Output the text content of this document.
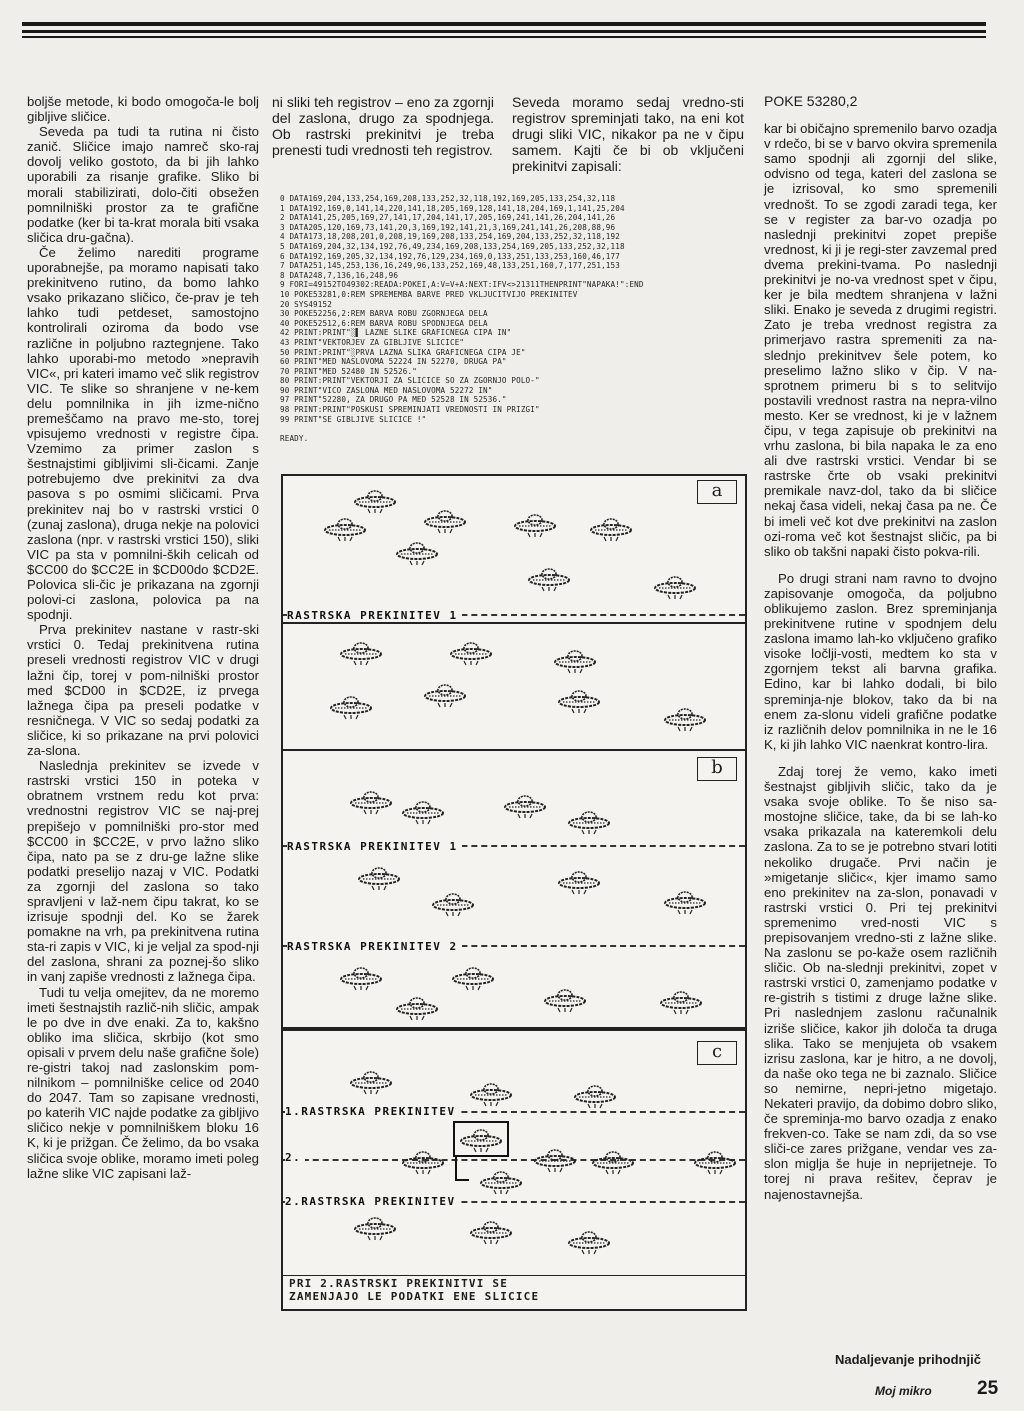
boljše metode, ki bodo omogoča-le bolj gibljive sličice.

Seveda pa tudi ta rutina ni čisto zanič. Sličice imajo namreč sko-raj dovolj veliko gostoto, da bi jih lahko uporabili za risanje grafike. Sliko bi morali stabilizirati, dolo-čiti obsežen pomnilniški prostor za te grafične podatke (ker bi ta-krat morala biti vsaka sličica dru-gačna).

Če želimo narediti programe uporabnejše, pa moramo napisati tako prekinitveno rutino, da bomo lahko vsako prikazano sličico, če-prav je teh lahko tudi petdeset, samostojno kontrolirali oziroma da bodo vse različne in poljubno raztegnjene. Tako lahko uporabi-mo metodo »nepravih VIC«, pri kateri imamo več slik registrov VIC. Te slike so shranjene v ne-kem delu pomnilnika in jih izme-nično premeščamo na pravo me-sto, torej vpisujemo vrednosti v registre čipa. Vzemimo za primer zaslon s šestnajstimi gibljivimi sli-čicami. Zanje potrebujemo dve prekinitvi za dva pasova s po osmimi sličicami. Prva prekinitev naj bo v rastrski vrstici 0 (zunaj zaslona), druga nekje na polovici zaslona (npr. v rastrski vrstici 150), sliki VIC pa sta v pomnilni-ških celicah od $CC00 do $CC2E in $CD00do $CD2E. Polovica sli-čic je prikazana na zgornji polovi-ci zaslona, polovica pa na spodnji.

Prva prekinitev nastane v rastr-ski vrstici 0. Tedaj prekinitvena rutina preseli vrednosti registrov VIC v drugi lažni čip, torej v pom-nilniški prostor med $CD00 in $CD2E, iz prvega lažnega čipa pa preseli podatke v resničnega. V VIC so sedaj podatki za sličice, ki so prikazane na prvi polovici za-slona.

Naslednja prekinitev se izvede v rastrski vrstici 150 in poteka v obratnem vrstnem redu kot prva: vrednostni registrov VIC se naj-prej prepišejo v pomnilniški pro-stor med $CC00 in $CC2E, v prvo lažno sliko čipa, nato pa se z dru-ge lažne slike podatki preselijo nazaj v VIC. Podatki za zgornji del zaslona so tako spravljeni v laž-nem čipu takrat, ko se izrisuje spodnji del. Ko se žarek pomakne na vrh, pa prekinitvena rutina sta-ri zapis v VIC, ki je veljal za spod-nji del zaslona, shrani za poznej-šo sliko in vanj zapiše vrednosti z lažnega čipa.

Tudi tu velja omejitev, da ne moremo imeti šestnajstih različ-nih sličic, ampak le po dve in dve enaki. Za to, kakšno obliko ima sličica, skrbijo (kot smo opisali v prvem delu naše grafične šole) re-gistri takoj nad zaslonskim pom-nilnikom – pomnilniške celice od 2040 do 2047. Tam so zapisane vrednosti, po katerih VIC najde podatke za gibljivo sličico nekje v pomnilniškem bloku 16 K, ki je prižgan. Če želimo, da bo vsaka sličica svoje oblike, moramo imeti poleg lažne slike VIC zapisani laž-

ni sliki teh registrov – eno za zgornji del zaslona, drugo za spodnjega. Ob rastrski prekinitvi je treba prenesti tudi vrednosti teh registrov.

Seveda moramo sedaj vredno-sti registrov spreminjati tako, na eni kot drugi sliki VIC, nikakor pa ne v čipu samem. Kajti če bi ob vključeni prekinitvi zapisali:

POKE 53280,2

kar bi običajno spremenilo barvo ozadja v rdečo, bi se v barvo okvira spremenila samo spodnji ali zgornji del slike, odvisno od tega, kateri del zaslona se je izrisoval, ko smo spremenili vrednošt. To se zgodi zaradi tega, ker se v register za bar-vo ozadja po naslednji prekinitvi zopet prepiše vrednost, ki ji je regi-ster zavzemal pred dvema prekini-tvama. Po naslednji prekinitvi je no-va vrednost spet v čipu, ker je bila medtem shranjena v lažni sliki. Enako je seveda z drugimi registri. Zato je treba vrednost registra za primerjavo rastra spremeniti za na-slednjo prekinitvev šele potem, ko preselimo lažno sliko v čip. V na-sprotnem primeru bi s to selitvijo postavili vrednost rastra na nepra-vilno mesto. Ker se vrednost, ki je v lažnem čipu, v tega zapisuje ob prekinitvi na vrhu zaslona, bi bila napaka le za eno ali dve rastrski vrstici. Vendar bi se rastrske črte ob vsaki prekinitvi premikale navz-dol, tako da bi sličice nekaj časa videli, nekaj časa pa ne. Če bi imeli več kot dve prekinitvi na zaslon ozi-roma več kot šestnajst sličic, pa bi sliko ob takšni napaki čisto pokva-rili.

Po drugi strani nam ravno to dvojno zapisovanje omogoča, da poljubno oblikujemo zaslon. Brez spreminjanja prekinitvene rutine v spodnjem delu zaslona imamo lah-ko vključeno grafiko visoke ločlji-vosti, medtem ko sta v zgornjem tekst ali barvna grafika. Edino, kar bi lahko dodali, bi bilo spreminja-nje blokov, tako da bi na enem za-slonu videli grafične podatke iz različnih delov pomnilnika in ne le 16 K, ki jih lahko VIC naenkrat kontro-lira.

Zdaj torej že vemo, kako imeti šestnajst gibljivih sličic, tako da je vsaka svoje oblike. To še niso sa-mostojne sličice, take, da bi se lah-ko vsaka prikazala na kateremkoli delu zaslona. Za to se je potrebno stvari lotiti nekoliko drugače. Prvi način je »migetanje sličic«, kjer imamo samo eno prekinitev na za-slon, ponavadi v rastrski vrstici 0. Pri tej prekinitvi spremenimo vred-nosti VIC s prepisovanjem vredno-sti z lažne slike. Na zaslonu se po-kaže osem različnih sličic. Ob na-slednji prekinitvi, zopet v rastrski vrstici 0, zamenjamo podatke v re-gistrih s tistimi z druge lažne slike. Pri naslednjem zaslonu računalnik izriše sličice, kakor jih določa ta druga slika. Tako se menjujeta ob vsakem izrisu zaslona, kar je hitro, a ne dovolj, da naše oko tega ne bi zaznalo. Sličice so nemirne, nepri-jetno migetajo. Nekateri pravijo, da dobimo dobro sliko, če spreminja-mo barvo ozadja z enako frekven-co. Take se nam zdi, da so vse sliči-ce zares prižgane, vendar ves za-slon miglja še huje in neprijetneje. To torej ni prava rešitev, čeprav je najenostavnejša.

0 DATA169,204,133,254,169,208,133,252,32,118,192,169,205,133,254,32,118
1 DATA192,169,0,141,14,220,141,18,205,169,128,141,18,204,169,1,141,25,204
2 DATA141,25,205,169,27,141,17,204,141,17,205,169,241,141,26,204,141,26
3 DATA205,120,169,73,141,20,3,169,192,141,21,3,169,241,141,26,208,88,96
4 DATA173,18,208,201,0,208,19,169,208,133,254,169,204,133,252,32,118,192
5 DATA169,204,32,134,192,76,49,234,169,208,133,254,169,205,133,252,32,118
6 DATA192,169,205,32,134,192,76,129,234,169,0,133,251,133,253,160,46,177
7 DATA251,145,253,136,16,249,96,133,252,169,48,133,251,160,7,177,251,153
8 DATA248,7,136,16,248,96
9 FORI=49152TO49302:READA:POKEI,A:V=V+A:NEXT:IFV<>21311THENPRINT"NAPAKA!":END
10 POKE53281,0:REM SPREMEMBA BARVE PRED VKLJUCITVIJO PREKINITEV
20 SYS49152
30 POKE52256,2:REM BARVA ROBU ZGORNJEGA DELA
40 POKE52512,6:REM BARVA ROBU SPODNJEGA DELA
42 PRINT:PRINT"░▌ LAZNE SLIKE GRAFICNEGA CIPA IN"
43 PRINT"VEKTORJEV ZA GIBLJIVE SLICICE"
50 PRINT:PRINT"░PRVA LAZNA SLIKA GRAFICNEGA CIPA JE"
60 PRINT"MED NASLOVOMA 52224 IN 52270, DRUGA PA"
70 PRINT"MED 52480 IN 52526."
80 PRINT:PRINT"VEKTORJI ZA SLICICE SO ZA ZGORNJO POLO-"
90 PRINT"VICO ZASLONA MED NASLOVOMA 52272 IN"
97 PRINT"52280, ZA DRUGO PA MED 52528 IN 52536."
98 PRINT:PRINT"POSKUSI SPREMINJATI VREDNOSTI IN PRIZGI"
99 PRINT"SE GIBLJIVE SLICICE !"
READY.
a
RASTRSKA PREKINITEV 1
b
RASTRSKA PREKINITEV 1
RASTRSKA PREKINITEV 2
c
1.RASTRSKA PREKINITEV
2.
2.RASTRSKA PREKINITEV
PRI 2.RASTRSKI PREKINITVI SE
ZAMENJAJO LE PODATKI ENE SLICICE
Nadaljevanje prihodnjič
Moj mikro 25
